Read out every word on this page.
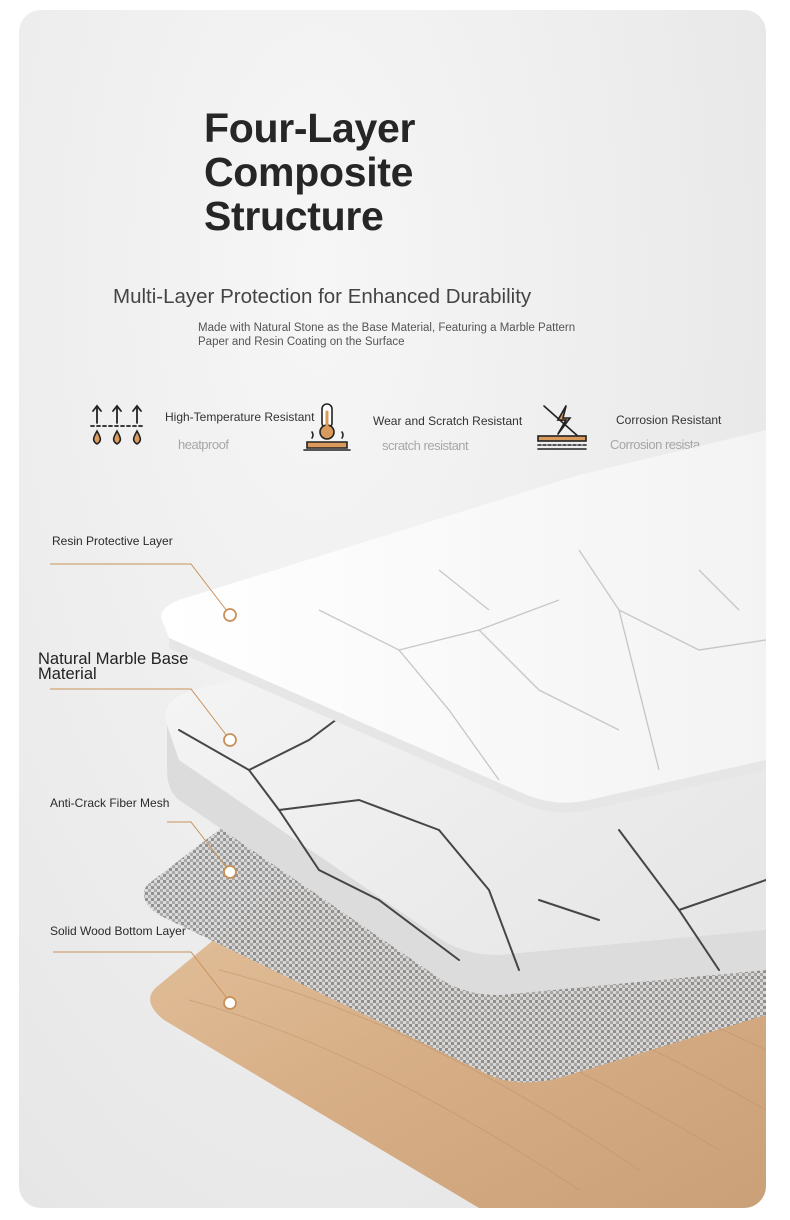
Four-Layer
Composite
Structure
Multi-Layer Protection for Enhanced Durability

Made with Natural Stone as the Base Material, Featuring a Marble Pattern Paper and Resin Coating on the Surface

High-Temperature Resistant
heatproof
Wear and Scratch Resistant
scratch resistant
Corrosion Resistant
Corrosion resista
Resin Protective Layer
Natural Marble Base
Material
Anti-Crack Fiber Mesh
Solid Wood Bottom Layer
